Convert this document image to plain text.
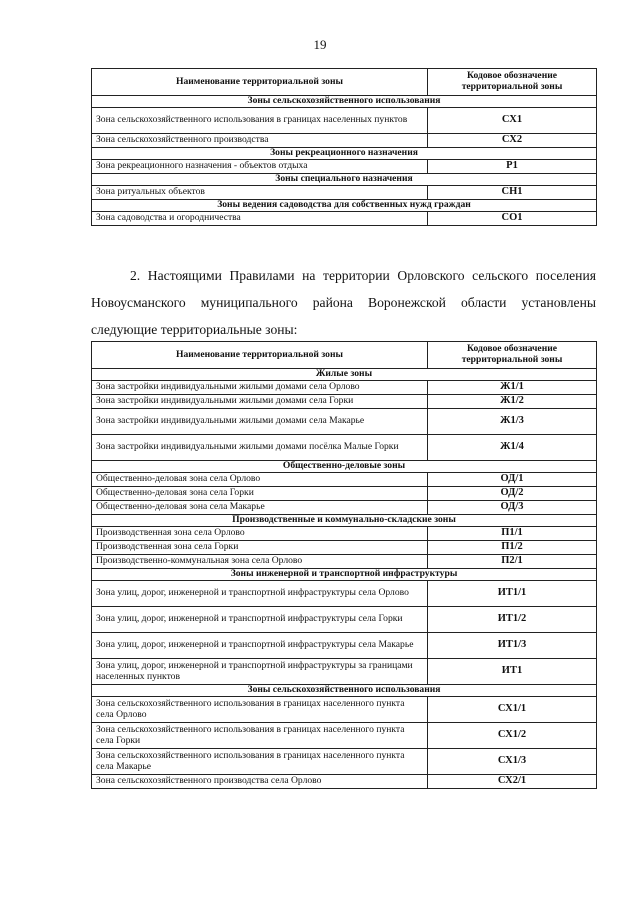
19
Наименование территориальной зоны	Кодовое обозначение территориальной зоны
Зоны сельскохозяйственного использования	
Зона сельскохозяйственного использования в границах населенных пунктов	СХ1
Зона сельскохозяйственного производства	СХ2
Зоны рекреационного назначения	
Зона рекреационного назначения - объектов отдыха	Р1
Зоны специального назначения	
Зона ритуальных объектов	СН1
Зоны ведения садоводства для собственных нужд граждан	
Зона садоводства и огородничества	СО1

2. Настоящими Правилами на территории Орловского сельского поселения Новоусманского муниципального района Воронежской области установлены следующие территориальные зоны:

Наименование территориальной зоны	Кодовое обозначение территориальной зоны
Жилые зоны	
Зона застройки индивидуальными жилыми домами села Орлово	Ж1/1
Зона застройки индивидуальными жилыми домами села Горки	Ж1/2
Зона застройки индивидуальными жилыми домами села Макарье	Ж1/3
Зона застройки индивидуальными жилыми домами посёлка Малые Горки	Ж1/4
Общественно-деловые зоны	
Общественно-деловая зона села Орлово	ОД/1
Общественно-деловая зона села Горки	ОД/2
Общественно-деловая зона села Макарье	ОД/3
Производственные и коммунально-складские зоны	
Производственная зона села Орлово	П1/1
Производственная зона села Горки	П1/2
Производственно-коммунальная зона села Орлово	П2/1
Зоны инженерной и транспортной инфраструктуры	
Зона улиц, дорог, инженерной и транспортной инфраструктуры села Орлово	ИТ1/1
Зона улиц, дорог, инженерной и транспортной инфраструктуры села Горки	ИТ1/2
Зона улиц, дорог, инженерной и транспортной инфраструктуры села Макарье	ИТ1/3
Зона улиц, дорог, инженерной и транспортной инфраструктуры за границами населенных пунктов	ИТ1
Зоны сельскохозяйственного использования	
Зона сельскохозяйственного использования в границах населенного пункта села Орлово	СХ1/1
Зона сельскохозяйственного использования в границах населенного пункта села Горки	СХ1/2
Зона сельскохозяйственного использования в границах населенного пункта села Макарье	СХ1/3
Зона сельскохозяйственного производства села Орлово	СХ2/1
